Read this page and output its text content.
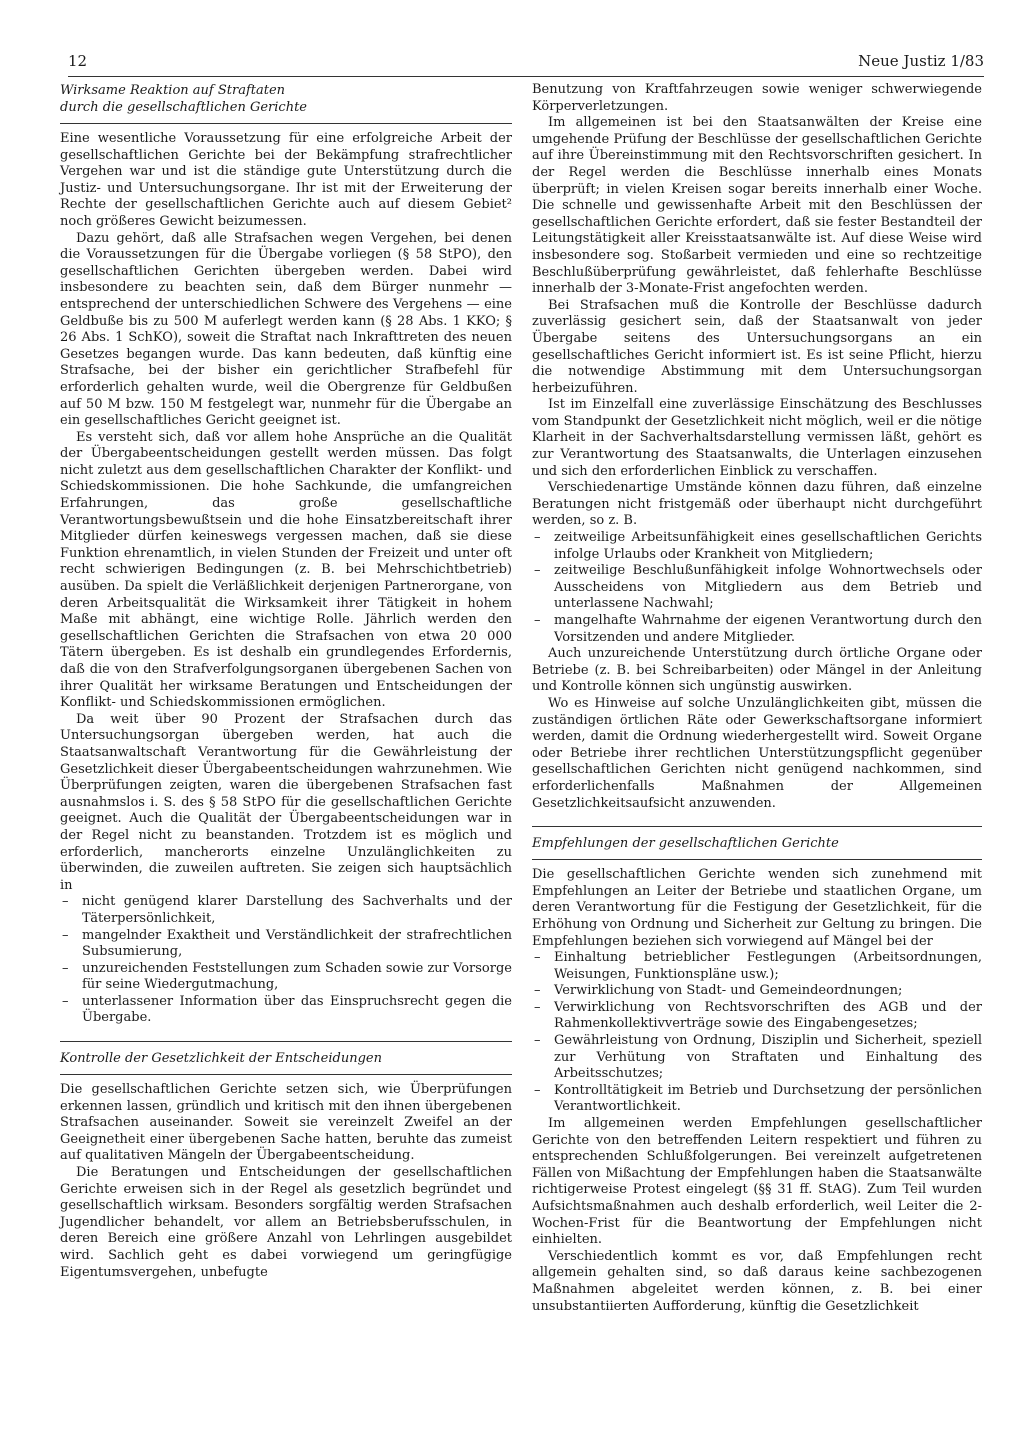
12	Neue Justiz 1/83
Wirksame Reaktion auf Straftaten
durch die gesellschaftlichen Gerichte

Eine wesentliche Voraussetzung für eine erfolgreiche Arbeit der gesellschaftlichen Gerichte bei der Bekämpfung strafrechtlicher Vergehen war und ist die ständige gute Unterstützung durch die Justiz- und Untersuchungsorgane. Ihr ist mit der Erweiterung der Rechte der gesellschaftlichen Gerichte auch auf diesem Gebiet² noch größeres Gewicht beizumessen.

Dazu gehört, daß alle Strafsachen wegen Vergehen, bei denen die Voraussetzungen für die Übergabe vorliegen (§ 58 StPO), den gesellschaftlichen Gerichten übergeben werden. Dabei wird insbesondere zu beachten sein, daß dem Bürger nunmehr — entsprechend der unterschiedlichen Schwere des Vergehens — eine Geldbuße bis zu 500 M auferlegt werden kann (§ 28 Abs. 1 KKO; § 26 Abs. 1 SchKO), soweit die Straftat nach Inkrafttreten des neuen Gesetzes begangen wurde. Das kann bedeuten, daß künftig eine Strafsache, bei der bisher ein gerichtlicher Strafbefehl für erforderlich gehalten wurde, weil die Obergrenze für Geldbußen auf 50 M bzw. 150 M festgelegt war, nunmehr für die Übergabe an ein gesellschaftliches Gericht geeignet ist.

Es versteht sich, daß vor allem hohe Ansprüche an die Qualität der Übergabeentscheidungen gestellt werden müssen. Das folgt nicht zuletzt aus dem gesellschaftlichen Charakter der Konflikt- und Schiedskommissionen. Die hohe Sachkunde, die umfangreichen Erfahrungen, das große gesellschaftliche Verantwortungsbewußtsein und die hohe Einsatzbereitschaft ihrer Mitglieder dürfen keineswegs vergessen machen, daß sie diese Funktion ehrenamtlich, in vielen Stunden der Freizeit und unter oft recht schwierigen Bedingungen (z. B. bei Mehrschichtbetrieb) ausüben. Da spielt die Verläßlichkeit derjenigen Partnerorgane, von deren Arbeitsqualität die Wirksamkeit ihrer Tätigkeit in hohem Maße mit abhängt, eine wichtige Rolle. Jährlich werden den gesellschaftlichen Gerichten die Strafsachen von etwa 20 000 Tätern übergeben. Es ist deshalb ein grundlegendes Erfordernis, daß die von den Strafverfolgungsorganen übergebenen Sachen von ihrer Qualität her wirksame Beratungen und Entscheidungen der Konflikt- und Schiedskommissionen ermöglichen.

Da weit über 90 Prozent der Strafsachen durch das Untersuchungsorgan übergeben werden, hat auch die Staatsanwaltschaft Verantwortung für die Gewährleistung der Gesetzlichkeit dieser Übergabeentscheidungen wahrzunehmen. Wie Überprüfungen zeigten, waren die übergebenen Strafsachen fast ausnahmslos i. S. des § 58 StPO für die gesellschaftlichen Gerichte geeignet. Auch die Qualität der Übergabeentscheidungen war in der Regel nicht zu beanstanden. Trotzdem ist es möglich und erforderlich, mancherorts einzelne Unzulänglichkeiten zu überwinden, die zuweilen auftreten. Sie zeigen sich hauptsächlich in

– nicht genügend klarer Darstellung des Sachverhalts und der Täterpersönlichkeit,
– mangelnder Exaktheit und Verständlichkeit der strafrechtlichen Subsumierung,
– unzureichenden Feststellungen zum Schaden sowie zur Vorsorge für seine Wiedergutmachung,
– unterlassener Information über das Einspruchsrecht gegen die Übergabe.
Kontrolle der Gesetzlichkeit der Entscheidungen

Die gesellschaftlichen Gerichte setzen sich, wie Überprüfungen erkennen lassen, gründlich und kritisch mit den ihnen übergebenen Strafsachen auseinander. Soweit sie vereinzelt Zweifel an der Geeignetheit einer übergebenen Sache hatten, beruhte das zumeist auf qualitativen Mängeln der Übergabeentscheidung.

Die Beratungen und Entscheidungen der gesellschaftlichen Gerichte erweisen sich in der Regel als gesetzlich begründet und gesellschaftlich wirksam. Besonders sorgfältig werden Strafsachen Jugendlicher behandelt, vor allem an Betriebsberufsschulen, in deren Bereich eine größere Anzahl von Lehrlingen ausgebildet wird. Sachlich geht es dabei vorwiegend um geringfügige Eigentumsvergehen, unbefugte

Benutzung von Kraftfahrzeugen sowie weniger schwerwiegende Körperverletzungen.

Im allgemeinen ist bei den Staatsanwälten der Kreise eine umgehende Prüfung der Beschlüsse der gesellschaftlichen Gerichte auf ihre Übereinstimmung mit den Rechtsvorschriften gesichert. In der Regel werden die Beschlüsse innerhalb eines Monats überprüft; in vielen Kreisen sogar bereits innerhalb einer Woche. Die schnelle und gewissenhafte Arbeit mit den Beschlüssen der gesellschaftlichen Gerichte erfordert, daß sie fester Bestandteil der Leitungstätigkeit aller Kreisstaatsanwälte ist. Auf diese Weise wird insbesondere sog. Stoßarbeit vermieden und eine so rechtzeitige Beschlußüberprüfung gewährleistet, daß fehlerhafte Beschlüsse innerhalb der 3-Monate-Frist angefochten werden.

Bei Strafsachen muß die Kontrolle der Beschlüsse dadurch zuverlässig gesichert sein, daß der Staatsanwalt von jeder Übergabe seitens des Untersuchungsorgans an ein gesellschaftliches Gericht informiert ist. Es ist seine Pflicht, hierzu die notwendige Abstimmung mit dem Untersuchungsorgan herbeizuführen.

Ist im Einzelfall eine zuverlässige Einschätzung des Beschlusses vom Standpunkt der Gesetzlichkeit nicht möglich, weil er die nötige Klarheit in der Sachverhaltsdarstellung vermissen läßt, gehört es zur Verantwortung des Staatsanwalts, die Unterlagen einzusehen und sich den erforderlichen Einblick zu verschaffen.

Verschiedenartige Umstände können dazu führen, daß einzelne Beratungen nicht fristgemäß oder überhaupt nicht durchgeführt werden, so z. B.

– zeitweilige Arbeitsunfähigkeit eines gesellschaftlichen Gerichts infolge Urlaubs oder Krankheit von Mitgliedern;
– zeitweilige Beschlußunfähigkeit infolge Wohnortwechsels oder Ausscheidens von Mitgliedern aus dem Betrieb und unterlassene Nachwahl;
– mangelhafte Wahrnahme der eigenen Verantwortung durch den Vorsitzenden und andere Mitglieder.

Auch unzureichende Unterstützung durch örtliche Organe oder Betriebe (z. B. bei Schreibarbeiten) oder Mängel in der Anleitung und Kontrolle können sich ungünstig auswirken.

Wo es Hinweise auf solche Unzulänglichkeiten gibt, müssen die zuständigen örtlichen Räte oder Gewerkschaftsorgane informiert werden, damit die Ordnung wiederhergestellt wird. Soweit Organe oder Betriebe ihrer rechtlichen Unterstützungspflicht gegenüber gesellschaftlichen Gerichten nicht genügend nachkommen, sind erforderlichenfalls Maßnahmen der Allgemeinen Gesetzlichkeitsaufsicht anzuwenden.

Empfehlungen der gesellschaftlichen Gerichte

Die gesellschaftlichen Gerichte wenden sich zunehmend mit Empfehlungen an Leiter der Betriebe und staatlichen Organe, um deren Verantwortung für die Festigung der Gesetzlichkeit, für die Erhöhung von Ordnung und Sicherheit zur Geltung zu bringen. Die Empfehlungen beziehen sich vorwiegend auf Mängel bei der

– Einhaltung betrieblicher Festlegungen (Arbeitsordnungen, Weisungen, Funktionspläne usw.);
– Verwirklichung von Stadt- und Gemeindeordnungen;
– Verwirklichung von Rechtsvorschriften des AGB und der Rahmenkollektivverträge sowie des Eingabengesetzes;
– Gewährleistung von Ordnung, Disziplin und Sicherheit, speziell zur Verhütung von Straftaten und Einhaltung des Arbeitsschutzes;
– Kontrolltätigkeit im Betrieb und Durchsetzung der persönlichen Verantwortlichkeit.

Im allgemeinen werden Empfehlungen gesellschaftlicher Gerichte von den betreffenden Leitern respektiert und führen zu entsprechenden Schlußfolgerungen. Bei vereinzelt aufgetretenen Fällen von Mißachtung der Empfehlungen haben die Staatsanwälte richtigerweise Protest eingelegt (§§ 31 ff. StAG). Zum Teil wurden Aufsichtsmaßnahmen auch deshalb erforderlich, weil Leiter die 2-Wochen-Frist für die Beantwortung der Empfehlungen nicht einhielten.

Verschiedentlich kommt es vor, daß Empfehlungen recht allgemein gehalten sind, so daß daraus keine sachbezogenen Maßnahmen abgeleitet werden können, z. B. bei einer unsubstantiierten Aufforderung, künftig die Gesetzlichkeit
